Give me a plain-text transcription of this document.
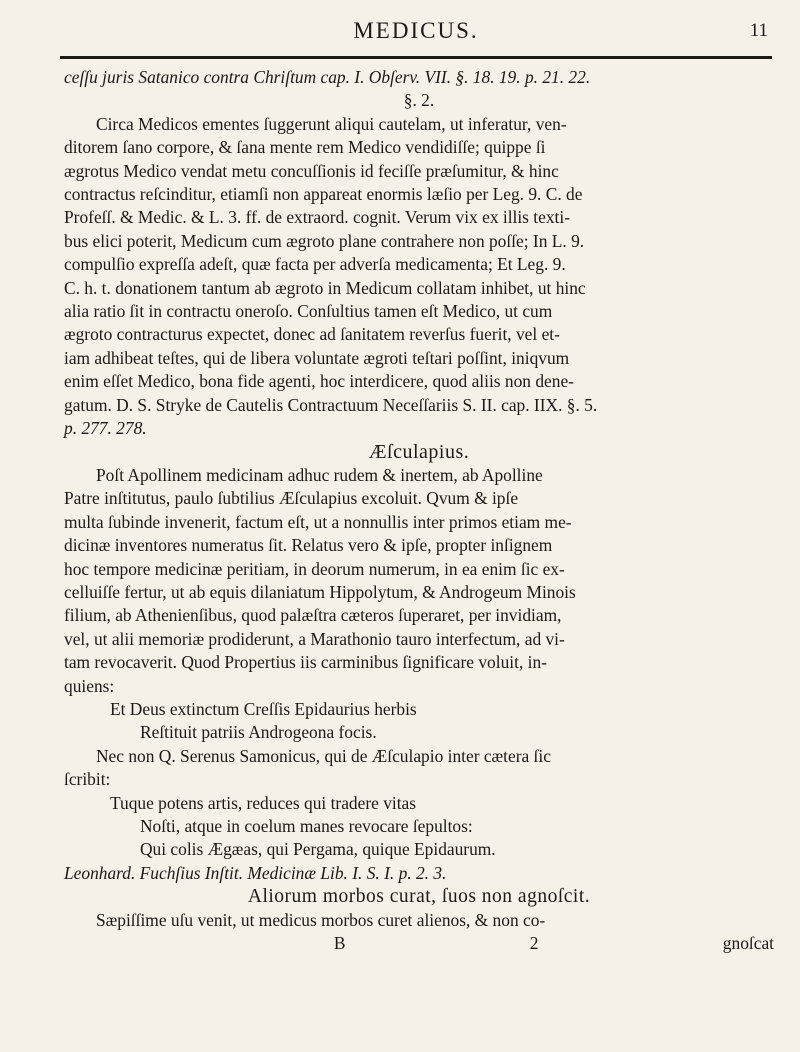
MEDICUS.	11

ceſſu juris Satanico contra Chriſtum cap. I. Obſerv. VII. §. 18. 19. p. 21. 22.

§. 2.

Circa Medicos ementes ſuggerunt aliqui cautelam, ut inferatur, ven-

ditorem ſano corpore, & ſana mente rem Medico vendidiſſe; quippe ſi

ægrotus Medico vendat metu concuſſionis id feciſſe præſumitur, & hinc

contractus reſcinditur, etiamſi non appareat enormis læſio per Leg. 9. C. de

Profeſſ. & Medic. & L. 3. ff. de extraord. cognit. Verum vix ex illis texti-

bus elici poterit, Medicum cum ægroto plane contrahere non poſſe; In L. 9.

compulſio expreſſa adeſt, quæ facta per adverſa medicamenta; Et Leg. 9.

C. h. t. donationem tantum ab ægroto in Medicum collatam inhibet, ut hinc

alia ratio ſit in contractu oneroſo. Conſultius tamen eſt Medico, ut cum

ægroto contracturus expectet, donec ad ſanitatem reverſus fuerit, vel et-

iam adhibeat teſtes, qui de libera voluntate ægroti teſtari poſſint, iniqvum

enim eſſet Medico, bona fide agenti, hoc interdicere, quod aliis non dene-

gatum. D. S. Stryke de Cautelis Contractuum Neceſſariis S. II. cap. IIX. §. 5.

p. 277. 278.

Æſculapius.

Poſt Apollinem medicinam adhuc rudem & inertem, ab Apolline

Patre inſtitutus, paulo ſubtilius Æſculapius excoluit. Qvum & ipſe

multa ſubinde invenerit, factum eſt, ut a nonnullis inter primos etiam me-

dicinæ inventores numeratus ſit. Relatus vero & ipſe, propter inſignem

hoc tempore medicinæ peritiam, in deorum numerum, in ea enim ſic ex-

celluiſſe fertur, ut ab equis dilaniatum Hippolytum, & Androgeum Minois

filium, ab Athenienſibus, quod palæſtra cæteros ſuperaret, per invidiam,

vel, ut alii memoriæ prodiderunt, a Marathonio tauro interfectum, ad vi-

tam revocaverit. Quod Propertius iis carminibus ſignificare voluit, in-

quiens:

Et Deus extinctum Creſſis Epidaurius herbis

Reſtituit patriis Androgeona focis.

Nec non Q. Serenus Samonicus, qui de Æſculapio inter cætera ſic

ſcribit:

Tuque potens artis, reduces qui tradere vitas

Noſti, atque in coelum manes revocare ſepultos:

Qui colis Ægæas, qui Pergama, quique Epidaurum.

Leonhard. Fuchſius Inſtit. Medicinæ Lib. I. S. I. p. 2. 3.

Aliorum morbos curat, ſuos non agnoſcit.

Sæpiſſime uſu venit, ut medicus morbos curet alienos, & non co-

B 2 gnoſcat
